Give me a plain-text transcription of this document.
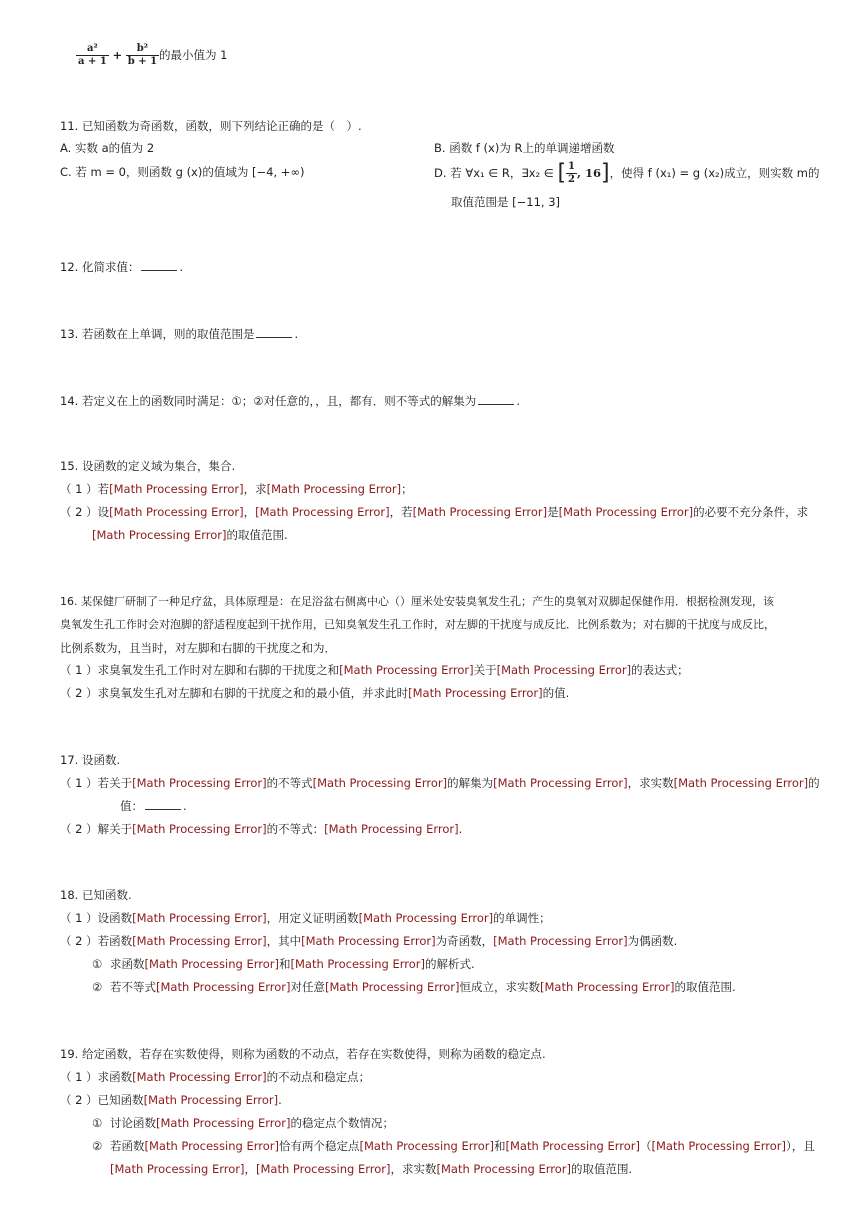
$\frac{\text{a²}}{a + 1} + \frac{\text{b²}}{b + 1}$ 的最小值为 1
11. 已知函数为奇函数，函数，则下列结论正确的是（　）.
A. 实数 a的值为 2	B. 函数 f (x)为 R上的单调递增函数
C. 若 m = 0，则函数 g (x)的值域为 [−4, +∞)	D. 若 ∀x₁ ∈ R，∃x₂ ∈ [ $\frac{1}{2}$ , 16]，使得 f (x₁) = g (x₂)成立，则实数 m的
取值范围是 [−11, 3]
12. 化简求值：	.
13. 若函数在上单调，则的取值范围是	.
14. 若定义在上的函数同时满足：①；②对任意的，，且，都有．则不等式的解集为	.
15. 设函数的定义域为集合，集合.
（ 1 ）若[Math Processing Error]，求[Math Processing Error]；
（ 2 ）设[Math Processing Error]，[Math Processing Error]，若[Math Processing Error]是[Math Processing Error]的必要不充分条件，求
[Math Processing Error]的取值范围.
16. 某保健厂研制了一种足疗盆，具体原理是：在足浴盆右侧离中心（）厘米处安装臭氧发生孔；产生的臭氧对双脚起保健作用．根据检测发现，该
臭氧发生孔工作时会对泡脚的舒适程度起到干扰作用，已知臭氧发生孔工作时，对左脚的干扰度与成反比．比例系数为；对右脚的干扰度与成反比，
比例系数为，且当时，对左脚和右脚的干扰度之和为．
（ 1 ）求臭氧发生孔工作时对左脚和右脚的干扰度之和[Math Processing Error]关于[Math Processing Error]的表达式；
（ 2 ）求臭氧发生孔对左脚和右脚的干扰度之和的最小值，并求此时[Math Processing Error]的值.
17. 设函数.
（ 1 ）若关于[Math Processing Error]的不等式[Math Processing Error]的解集为[Math Processing Error]，求实数[Math Processing Error]的
值：	.
（ 2 ）解关于[Math Processing Error]的不等式：[Math Processing Error].
18. 已知函数.
（ 1 ）设函数[Math Processing Error]，用定义证明函数[Math Processing Error]的单调性；
（ 2 ）若函数[Math Processing Error]，其中[Math Processing Error]为奇函数，[Math Processing Error]为偶函数.
① 求函数[Math Processing Error]和[Math Processing Error]的解析式.
② 若不等式[Math Processing Error]对任意[Math Processing Error]恒成立，求实数[Math Processing Error]的取值范围.
19. 给定函数，若存在实数使得，则称为函数的不动点，若存在实数使得，则称为函数的稳定点.
（ 1 ）求函数[Math Processing Error]的不动点和稳定点；
（ 2 ）已知函数[Math Processing Error].
① 讨论函数[Math Processing Error]的稳定点个数情况；
② 若函数[Math Processing Error]恰有两个稳定点[Math Processing Error]和[Math Processing Error]（[Math Processing Error]），且
[Math Processing Error]，[Math Processing Error]，求实数[Math Processing Error]的取值范围.
